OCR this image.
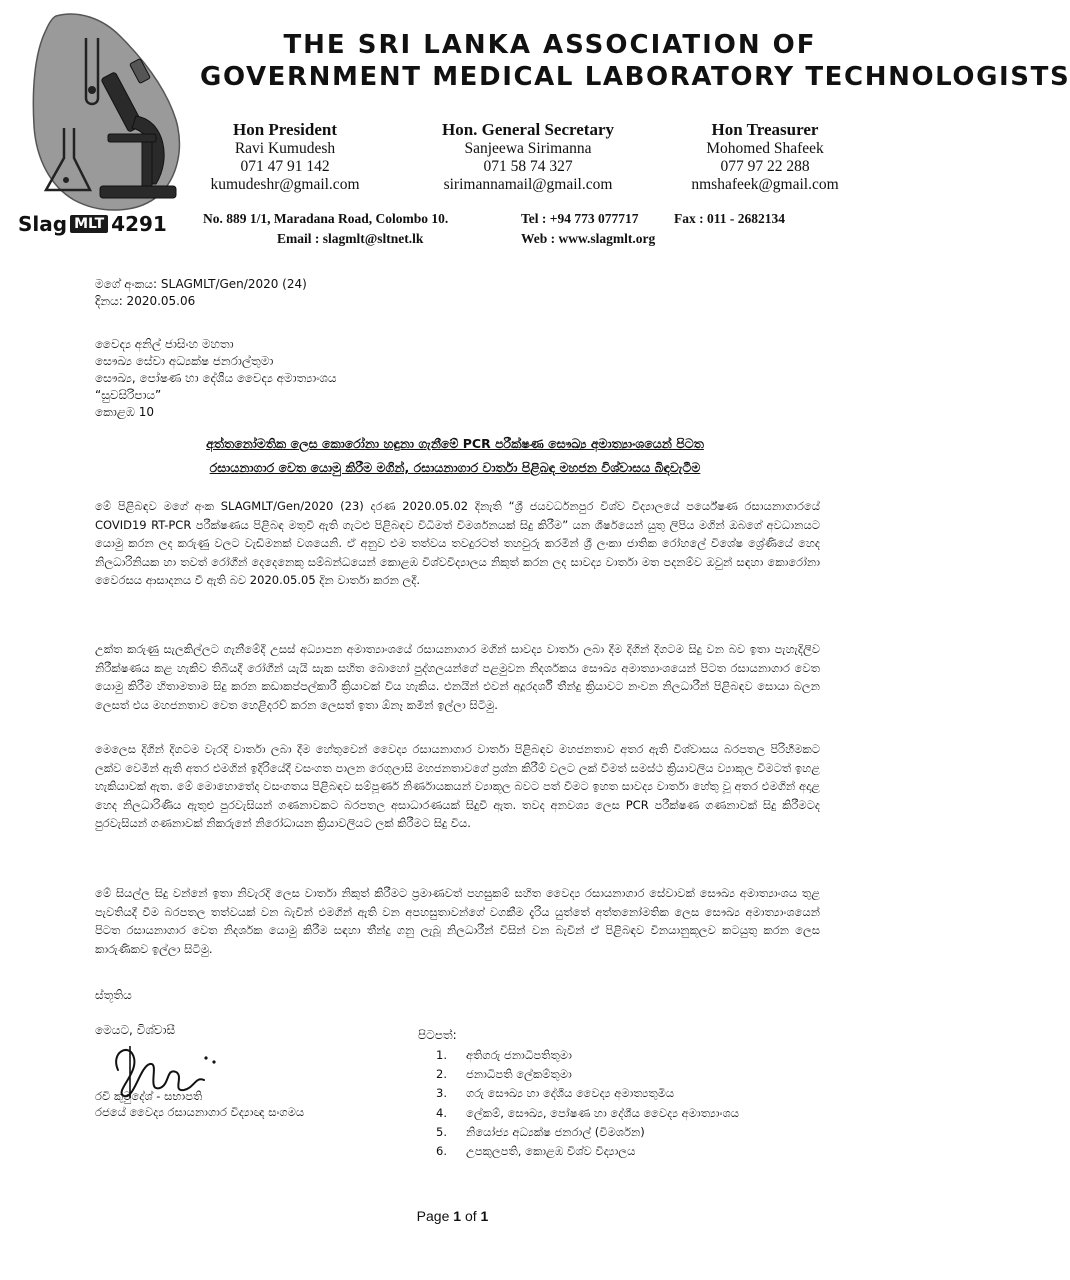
THE SRI LANKA ASSOCIATION OF
GOVERNMENT MEDICAL LABORATORY TECHNOLOGISTS
Hon President
Ravi Kumudesh
071 47 91 142
kumudeshr@gmail.com
Hon. General Secretary
Sanjeewa Sirimanna
071 58 74 327
sirimannamail@gmail.com
Hon Treasurer
Mohomed Shafeek
077 97 22 288
nmshafeek@gmail.com
Slag MLT 4291	No. 889 1/1, Maradana Road, Colombo 10.
Email : slagmlt@sltnet.lk
Tel : +94 773 077717	Fax : 011 - 2682134
Web : www.slagmlt.org
මගේ අංකය: SLAGMLT/Gen/2020 (24)
දිනය: 2020.05.06
වෛද්‍ය අනිල් ජාසිංහ මහතා
සෞඛ්‍ය සේවා අධ්‍යක්ෂ ජනරාල්තුමා
සෞඛ්‍ය, පෝෂණ හා දේශීය වෛද්‍ය අමාත්‍යාංශය
“සුවසිරිපාය”
කොළඹ 10
අත්තනෝමතික ලෙස කොරෝනා හඳුනා ගැනීමේ PCR පරීක්ෂණ සෞඛ්‍ය අමාත්‍යාංශයෙන් පිටත
රසායනාගාර වෙත යොමු කිරීම මගින්, රසායනාගාර වාර්තා පිළිබඳ මහජන විශ්වාසය බිඳවැටීම
මේ පිළිබඳව මගේ අංක SLAGMLT/Gen/2020 (23) දරණ 2020.05.02 දිනැති “ශ්‍රී ජයවර්ධනපුර විශ්ව විද්‍යාලයේ පර්යේෂණ රසායනාගාරයේ COVID19 RT-PCR පරීක්ෂණය පිළිබඳ මතුවී ඇති ගැටළු පිළිබඳව විධිමත් විමර්ශනයක් සිදු කිරීම” යන ශීර්ෂයෙන් යුතු ලිපිය මගින් ඔබගේ අවධානයට යොමු කරන ලද කරුණු වලට වැඩිමනක් වශයෙනි. ඒ අනුව එම තත්වය තවදුරටත් තහවුරු කරමින් ශ්‍රී ලංකා ජාතික රෝහලේ විශේෂ ශ්‍රේණියේ හෙද නිලධාරිනියක හා තවත් රෝගීන් දෙදෙනෙකු සම්බන්ධයෙන් කොළඹ විශ්වවිද්‍යාලය නිකුත් කරන ලද සාවද්‍ය වාර්තා මත පදනම්ව ඔවුන් සඳහා කොරෝනා වෛරසය ආසාදනය වී ඇති බව 2020.05.05 දින වාර්තා කරන ලදී.
උක්ත කරුණු සැලකිල්ලට ගැනීමේදී උසස් අධ්‍යාපන අමාත්‍යාංශයේ රසායනාගාර මගින් සාවද්‍ය වාර්තා ලබා දීම දිගින් දිගටම සිදු වන බව ඉතා පැහැදිලිව නිරීක්ෂණය කළ හැකිව තිබියදී රෝගීන් යැයි සැක සහිත බොහෝ පුද්ගලයන්ගේ පළමුවන නිදර්ශකය සෞඛ්‍ය අමාත්‍යාංශයෙන් පිටත රසායනාගාර වෙත යොමු කිරීම හිතාමතාම සිදු කරන කඩාකප්පල්කාරී ක්‍රියාවක් විය හැකිය. එනයින් එවන් අදූරදර්ශී තීන්දු ක්‍රියාවට නංවන නිලධාරීන් පිළිබඳව සොයා බලන ලෙසත් එය මහජනතාව වෙත හෙළිදරව් කරන ලෙසත් ඉතා ඕනෑ කමින් ඉල්ලා සිටිමු.
මෙලෙස දිගින් දිගටම වැරදි වාර්තා ලබා දීම හේතුවෙන් වෛද්‍ය රසායනාගාර වාර්තා පිළිබඳව මහජනතාව අතර ඇති විශ්වාසය බරපතල පිරිහීමකට ලක්ව වෙමින් ඇති අතර එමගින් ඉදිරියේදී වසංගත පාලන රෙගුලාසි මහජනතාවගේ ප්‍රශ්න කිරීම් වලට ලක් වීමත් සමස්ථ ක්‍රියාවලිය ව්‍යාකූල වීමටත් ඉහළ හැකියාවක් ඇත. මේ මොහොතේද වසංගතය පිළිබඳව සම්පූර්ණ නිර්ණායකයන් ව්‍යාකූල බවට පත් වීමට ඉහත සාවද්‍ය වාර්තා හේතු වූ අතර එමගින් අදාළ හෙද නිලධාරිණිය ඇතුළු පුරවැසියන් ගණනාවකට බරපතල අසාධාරණයක් සිදුවී ඇත. තවද අනවශ්‍ය ලෙස PCR පරීක්ෂණ ගණනාවක් සිදු කිරීමටද පුරවැසියන් ගණනාවක් නිකරුනේ නිරෝධායන ක්‍රියාවලියට ලක් කිරීමට සිදු විය.
මේ සියල්ල සිදු වන්නේ ඉතා නිවැරදි ලෙස වාර්තා නිකුත් කිරීමට ප්‍රමාණවත් පහසුකම් සහිත වෛද්‍ය රසායනාගාර සේවාවක් සෞඛ්‍ය අමාත්‍යාංශය තුළ පැවතියදී වීම බරපතල තත්වයක් වන බැවින් එමගින් ඇති වන අපහසුතාවන්ගේ වගකීම දැරිය යුත්තේ අත්තනෝමතික ලෙස සෞඛ්‍ය අමාත්‍යාංශයෙන් පිටත රසායනාගාර වෙත නිදර්ශක යොමු කිරීම සඳහා තීන්දු ගනු ලැබූ නිලධාරීන් විසින් වන බැවින් ඒ පිළිබඳව විනයානුකූලව කටයුතු කරන ලෙස කාරුණිකව ඉල්ලා සිටිමු.
ස්තූතිය
මෙයට, විශ්වාසී
රවි කුමුදේශ් - සභාපති
රජයේ වෛද්‍ය රසායනාගාර විද්‍යාඥ සංගමය
පිටපත්:
1.	අතිගරු ජනාධිපතිතුමා
2.	ජනාධිපති ලේකම්තුමා
3.	ගරු සෞඛ්‍ය හා දේශීය වෛද්‍ය අමාත්‍යතුමිය
4.	ලේකම්, සෞඛ්‍ය, පෝෂණ හා දේශීය වෛද්‍ය අමාත්‍යාංශය
5.	නියෝජ්‍ය අධ්‍යක්ෂ ජනරාල් (විමර්ශන)
6.	උපකුලපති, කොළඹ විශ්ව විද්‍යාලය
Page 1 of 1
